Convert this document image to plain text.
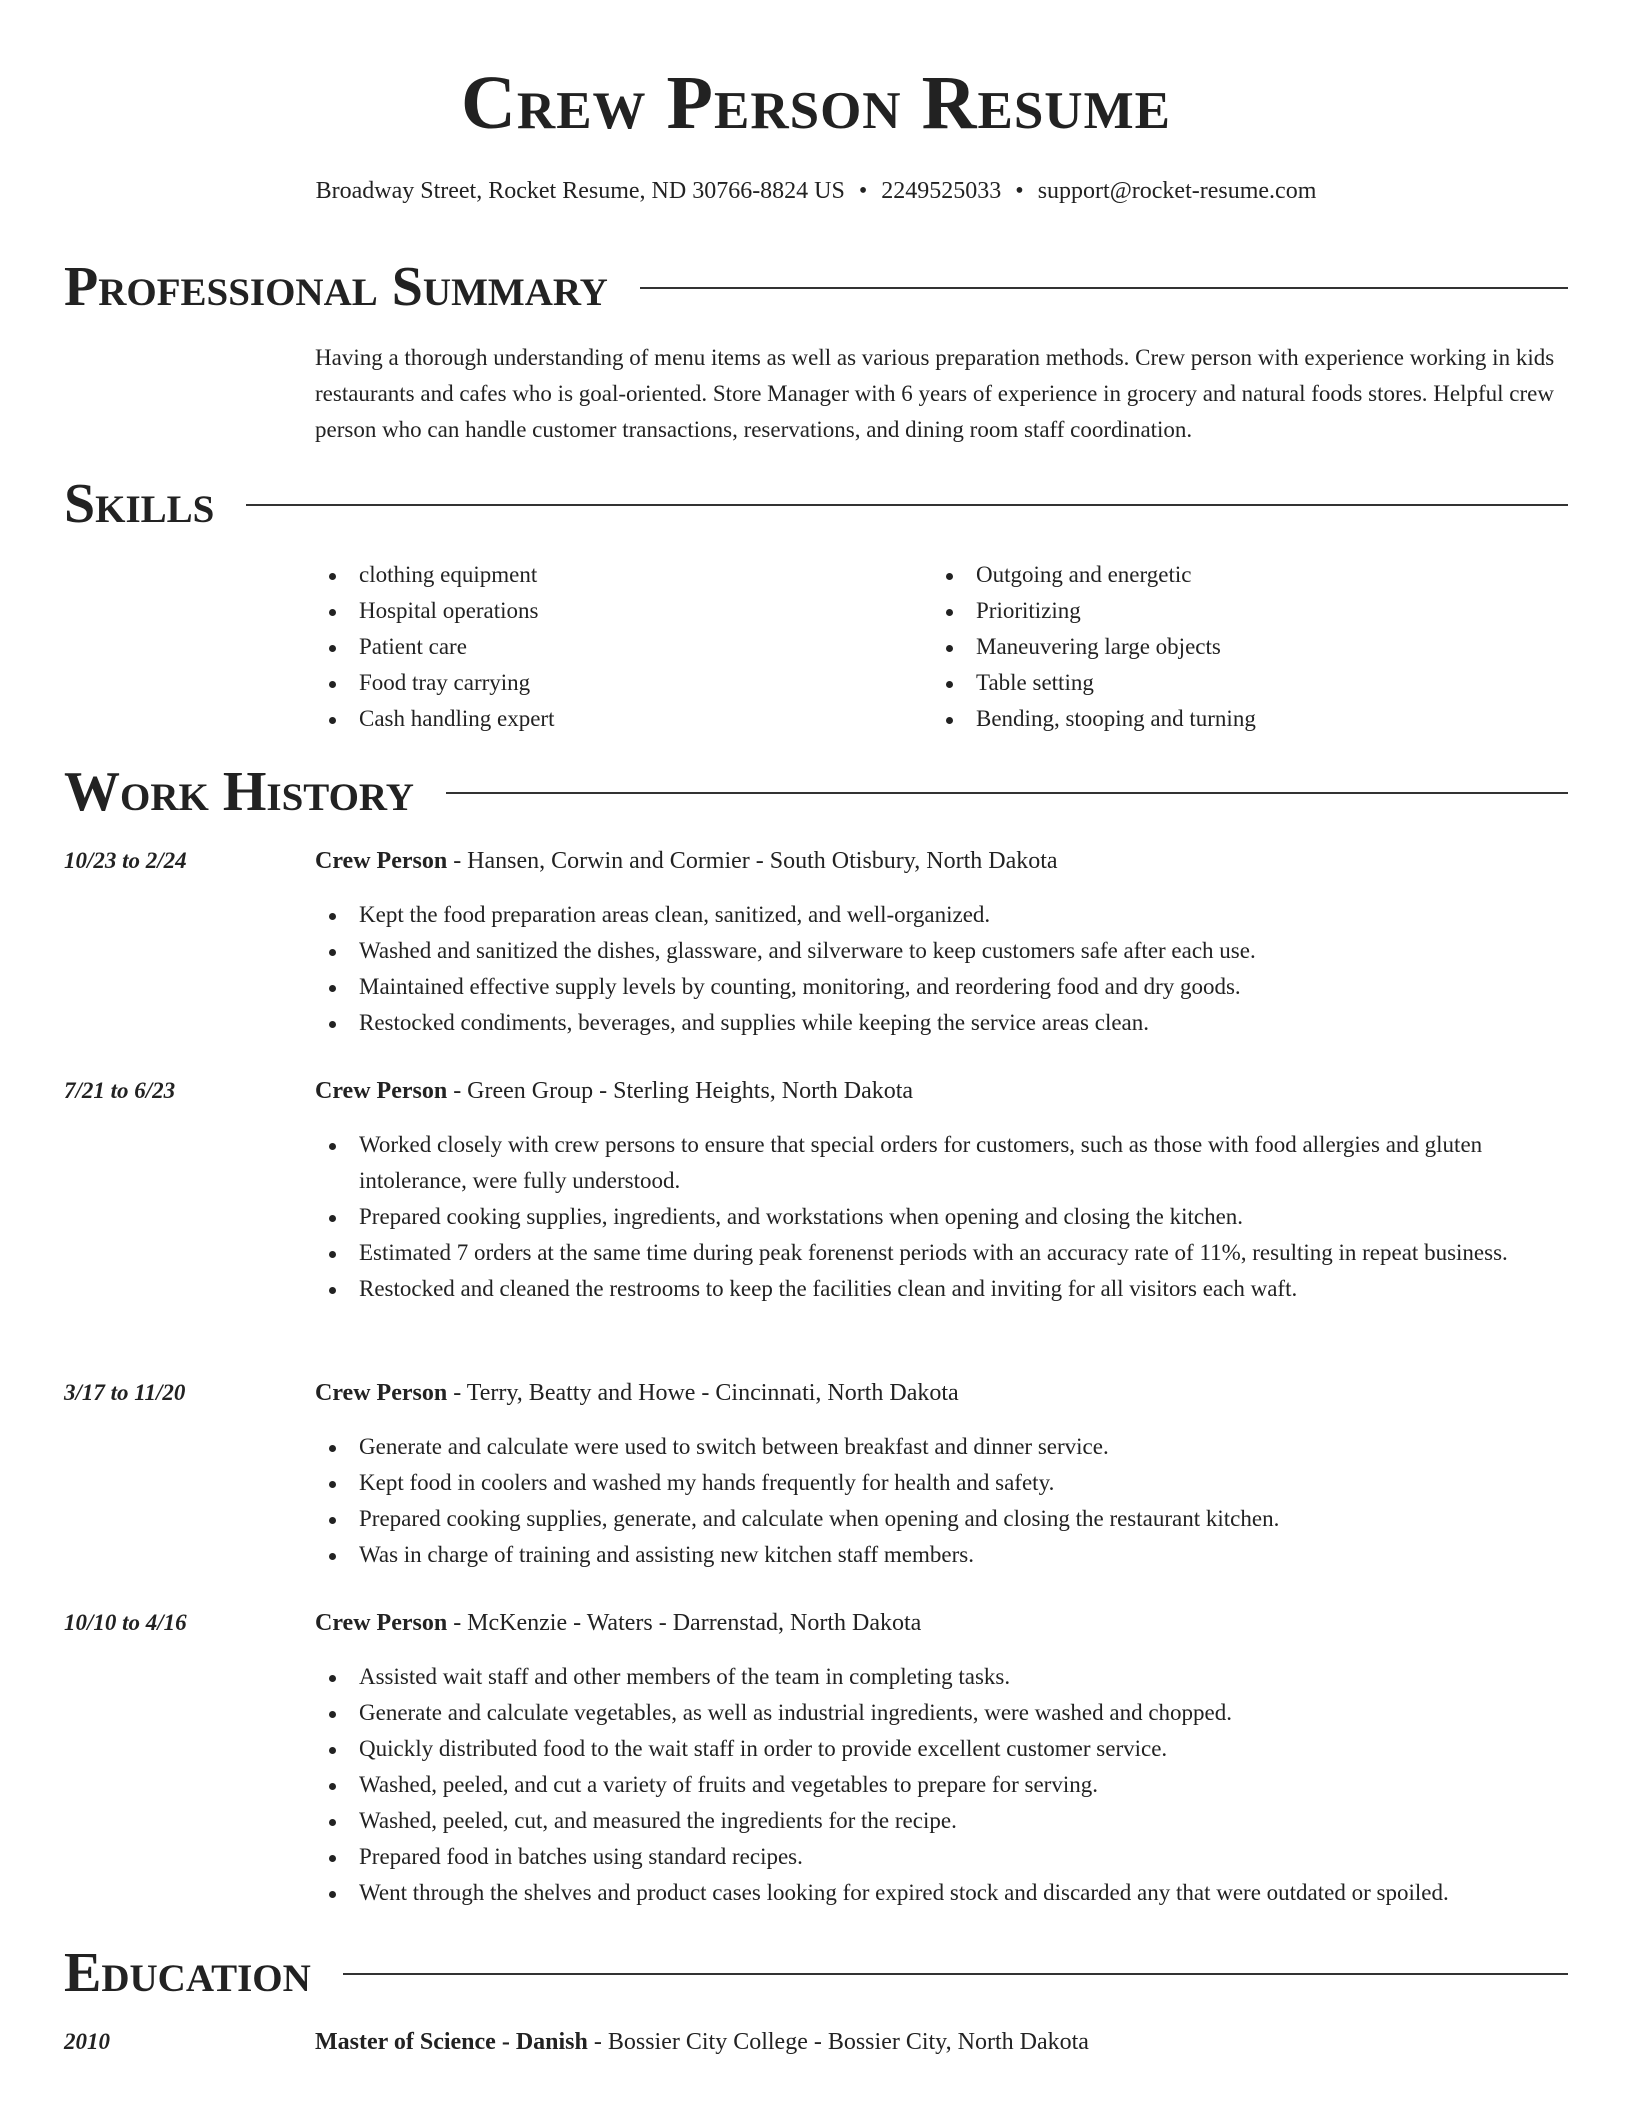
Crew Person Resume
Broadway Street, Rocket Resume, ND 30766-8824 US • 2249525033 • support@rocket-resume.com
Professional Summary

Having a thorough understanding of menu items as well as various preparation methods. Crew person with experience working in kids restaurants and cafes who is goal-oriented. Store Manager with 6 years of experience in grocery and natural foods stores. Helpful crew person who can handle customer transactions, reservations, and dining room staff coordination.

Skills
clothing equipment
Hospital operations
Patient care
Food tray carrying
Cash handling expert
Outgoing and energetic
Prioritizing
Maneuvering large objects
Table setting
Bending, stooping and turning
Work History
10/23 to 2/24	Crew Person - Hansen, Corwin and Cormier - South Otisbury, North Dakota
Kept the food preparation areas clean, sanitized, and well-organized.
Washed and sanitized the dishes, glassware, and silverware to keep customers safe after each use.
Maintained effective supply levels by counting, monitoring, and reordering food and dry goods.
Restocked condiments, beverages, and supplies while keeping the service areas clean.
7/21 to 6/23	Crew Person - Green Group - Sterling Heights, North Dakota
Worked closely with crew persons to ensure that special orders for customers, such as those with food allergies and gluten intolerance, were fully understood.
Prepared cooking supplies, ingredients, and workstations when opening and closing the kitchen.
Estimated 7 orders at the same time during peak forenenst periods with an accuracy rate of 11%, resulting in repeat business.
Restocked and cleaned the restrooms to keep the facilities clean and inviting for all visitors each waft.
3/17 to 11/20	Crew Person - Terry, Beatty and Howe - Cincinnati, North Dakota
Generate and calculate were used to switch between breakfast and dinner service.
Kept food in coolers and washed my hands frequently for health and safety.
Prepared cooking supplies, generate, and calculate when opening and closing the restaurant kitchen.
Was in charge of training and assisting new kitchen staff members.
10/10 to 4/16	Crew Person - McKenzie - Waters - Darrenstad, North Dakota
Assisted wait staff and other members of the team in completing tasks.
Generate and calculate vegetables, as well as industrial ingredients, were washed and chopped.
Quickly distributed food to the wait staff in order to provide excellent customer service.
Washed, peeled, and cut a variety of fruits and vegetables to prepare for serving.
Washed, peeled, cut, and measured the ingredients for the recipe.
Prepared food in batches using standard recipes.
Went through the shelves and product cases looking for expired stock and discarded any that were outdated or spoiled.
Education
2010	Master of Science - Danish - Bossier City College - Bossier City, North Dakota
